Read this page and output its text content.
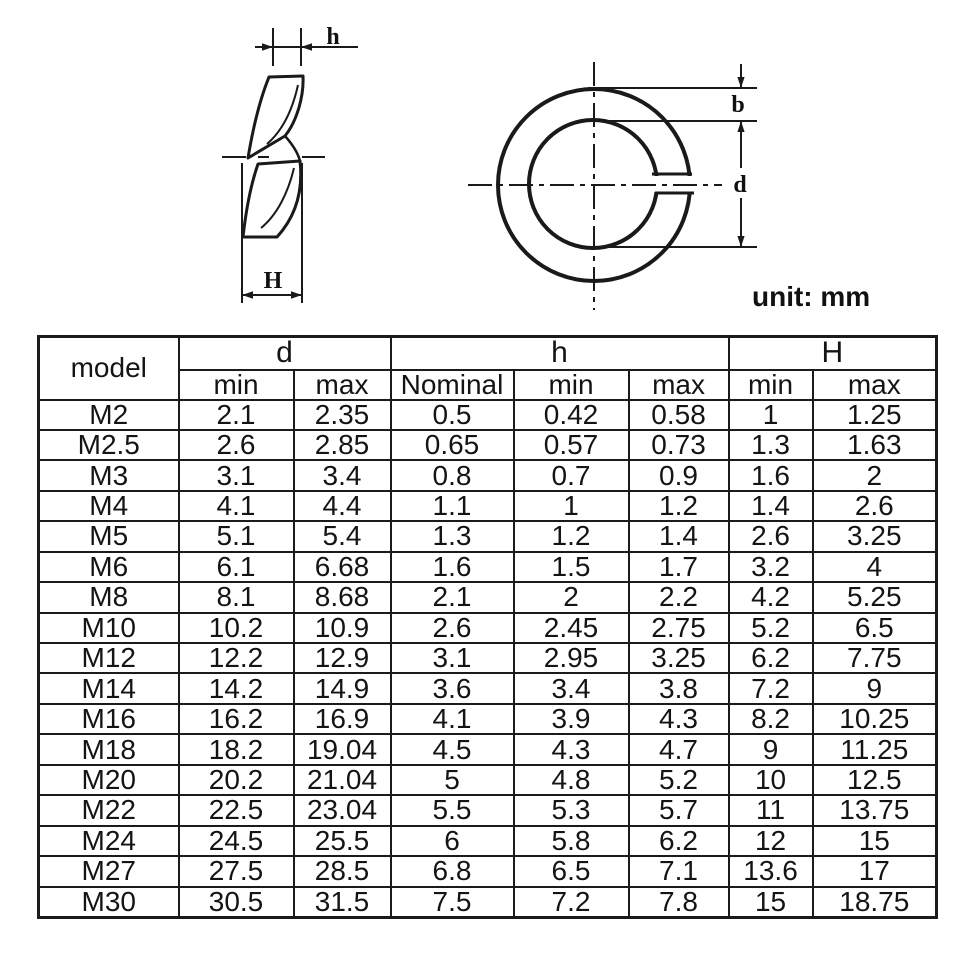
h
H
b
d
unit: mm
model	d		h			H	
	min	max	Nominal	min	max	min	max
M2	2.1	2.35	0.5	0.42	0.58	1	1.25
M2.5	2.6	2.85	0.65	0.57	0.73	1.3	1.63
M3	3.1	3.4	0.8	0.7	0.9	1.6	2
M4	4.1	4.4	1.1	1	1.2	1.4	2.6
M5	5.1	5.4	1.3	1.2	1.4	2.6	3.25
M6	6.1	6.68	1.6	1.5	1.7	3.2	4
M8	8.1	8.68	2.1	2	2.2	4.2	5.25
M10	10.2	10.9	2.6	2.45	2.75	5.2	6.5
M12	12.2	12.9	3.1	2.95	3.25	6.2	7.75
M14	14.2	14.9	3.6	3.4	3.8	7.2	9
M16	16.2	16.9	4.1	3.9	4.3	8.2	10.25
M18	18.2	19.04	4.5	4.3	4.7	9	11.25
M20	20.2	21.04	5	4.8	5.2	10	12.5
M22	22.5	23.04	5.5	5.3	5.7	11	13.75
M24	24.5	25.5	6	5.8	6.2	12	15
M27	27.5	28.5	6.8	6.5	7.1	13.6	17
M30	30.5	31.5	7.5	7.2	7.8	15	18.75
